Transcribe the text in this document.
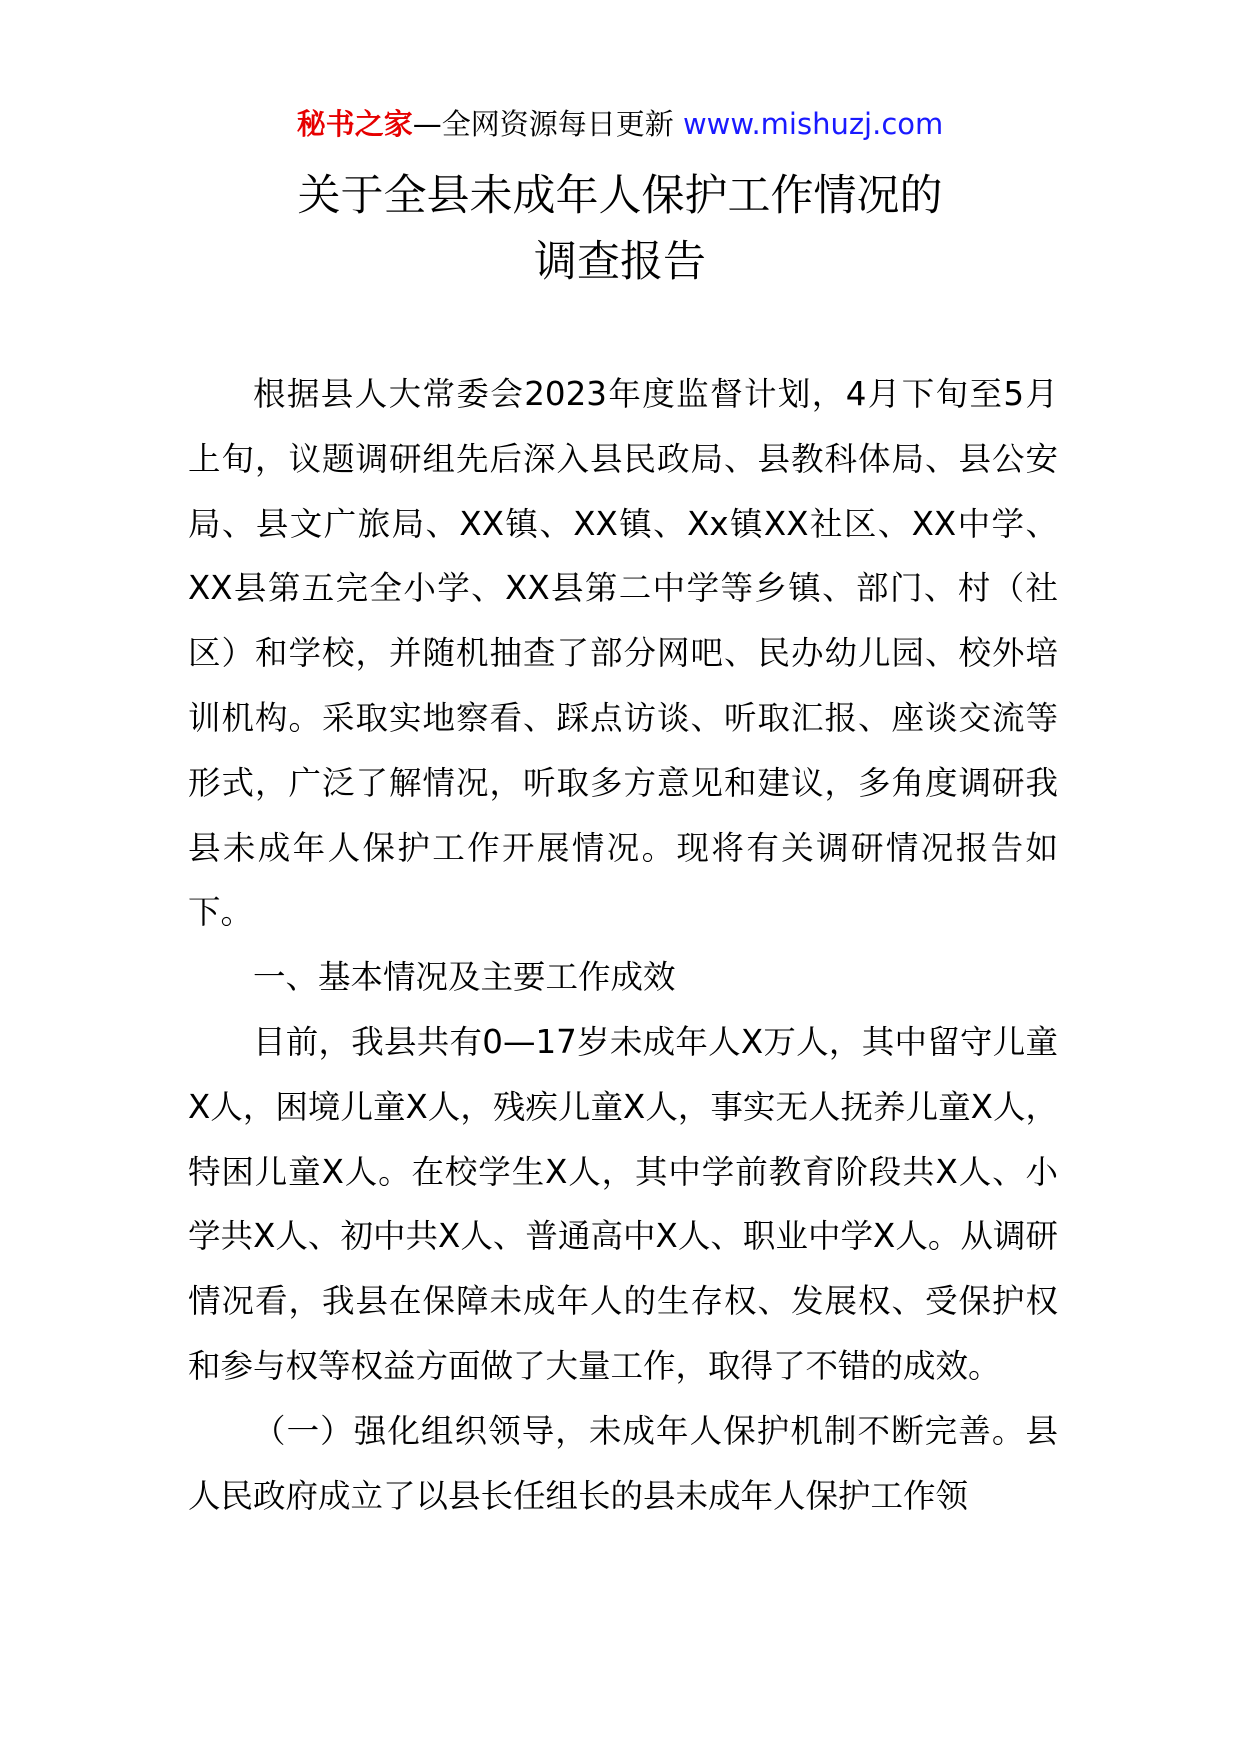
秘书之家—全网资源每日更新 www.mishuzj.com
关于全县未成年人保护工作情况的
调查报告

根据县人大常委会2023年度监督计划，4月下旬至5月上旬，议题调研组先后深入县民政局、县教科体局、县公安局、县文广旅局、XX镇、XX镇、Xx镇XX社区、XX中学、XX县第五完全小学、XX县第二中学等乡镇、部门、村（社区）和学校，并随机抽查了部分网吧、民办幼儿园、校外培训机构。采取实地察看、踩点访谈、听取汇报、座谈交流等形式，广泛了解情况，听取多方意见和建议，多角度调研我县未成年人保护工作开展情况。现将有关调研情况报告如下。

一、基本情况及主要工作成效

目前，我县共有0—17岁未成年人X万人，其中留守儿童X人，困境儿童X人，残疾儿童X人，事实无人抚养儿童X人，特困儿童X人。在校学生X人，其中学前教育阶段共X人、小学共X人、初中共X人、普通高中X人、职业中学X人。从调研情况看，我县在保障未成年人的生存权、发展权、受保护权和参与权等权益方面做了大量工作，取得了不错的成效。

（一）强化组织领导，未成年人保护机制不断完善。县人民政府成立了以县长任组长的县未成年人保护工作领
